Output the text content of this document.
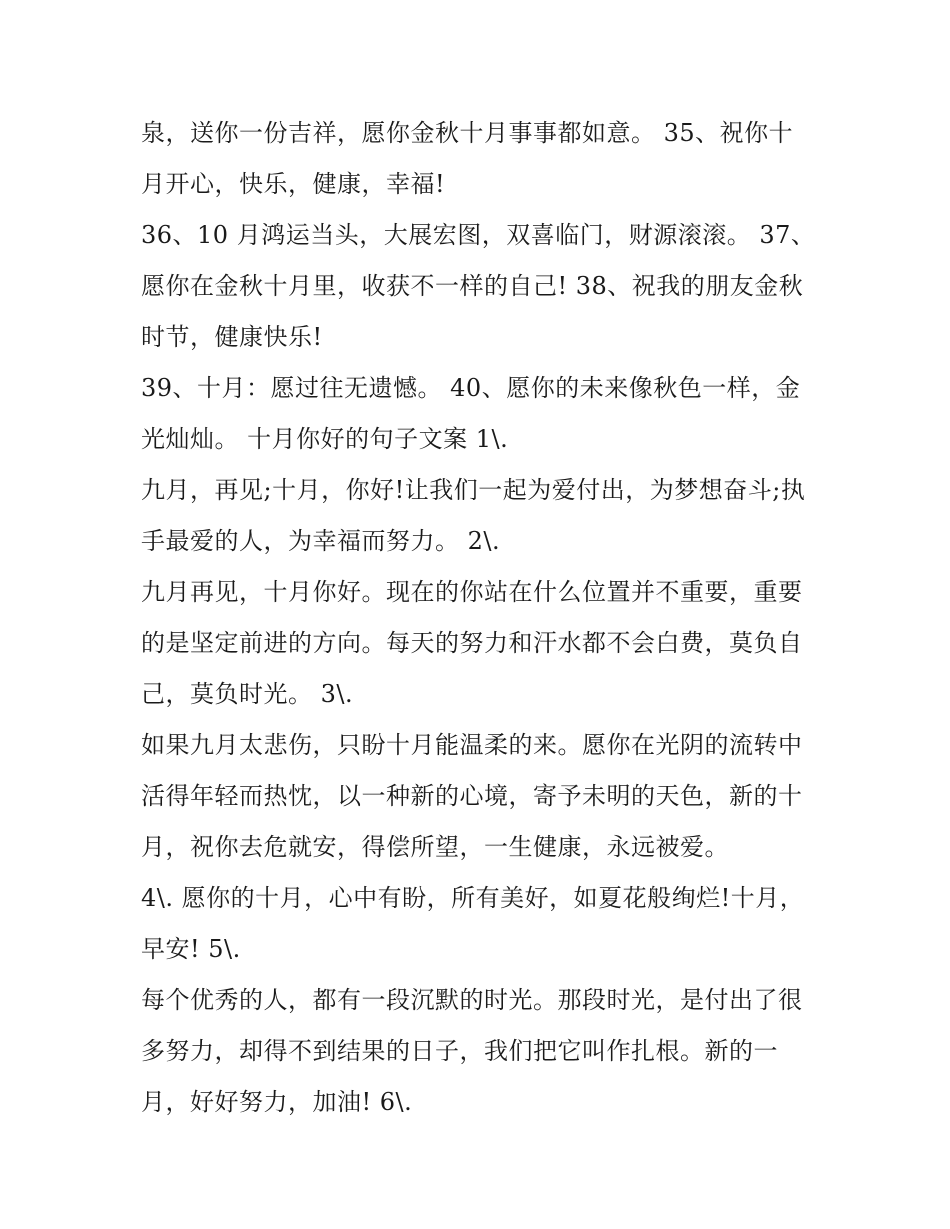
泉，送你一份吉祥，愿你金秋十月事事都如意。 35、祝你十
月开心，快乐，健康，幸福!
36、10 月鸿运当头，大展宏图，双喜临门，财源滚滚。 37、
愿你在金秋十月里，收获不一样的自己! 38、祝我的朋友金秋
时节，健康快乐!
39、十月：愿过往无遗憾。 40、愿你的未来像秋色一样，金
光灿灿。 十月你好的句子文案 1\.
九月，再见;十月，你好!让我们一起为爱付出，为梦想奋斗;执
手最爱的人，为幸福而努力。 2\.
九月再见，十月你好。现在的你站在什么位置并不重要，重要
的是坚定前进的方向。每天的努力和汗水都不会白费，莫负自
己，莫负时光。 3\.
如果九月太悲伤，只盼十月能温柔的来。愿你在光阴的流转中
活得年轻而热忱，以一种新的心境，寄予未明的天色，新的十
月，祝你去危就安，得偿所望，一生健康，永远被爱。
4\. 愿你的十月，心中有盼，所有美好，如夏花般绚烂!十月，
早安! 5\.
每个优秀的人，都有一段沉默的时光。那段时光，是付出了很
多努力，却得不到结果的日子，我们把它叫作扎根。新的一
月，好好努力，加油! 6\.
